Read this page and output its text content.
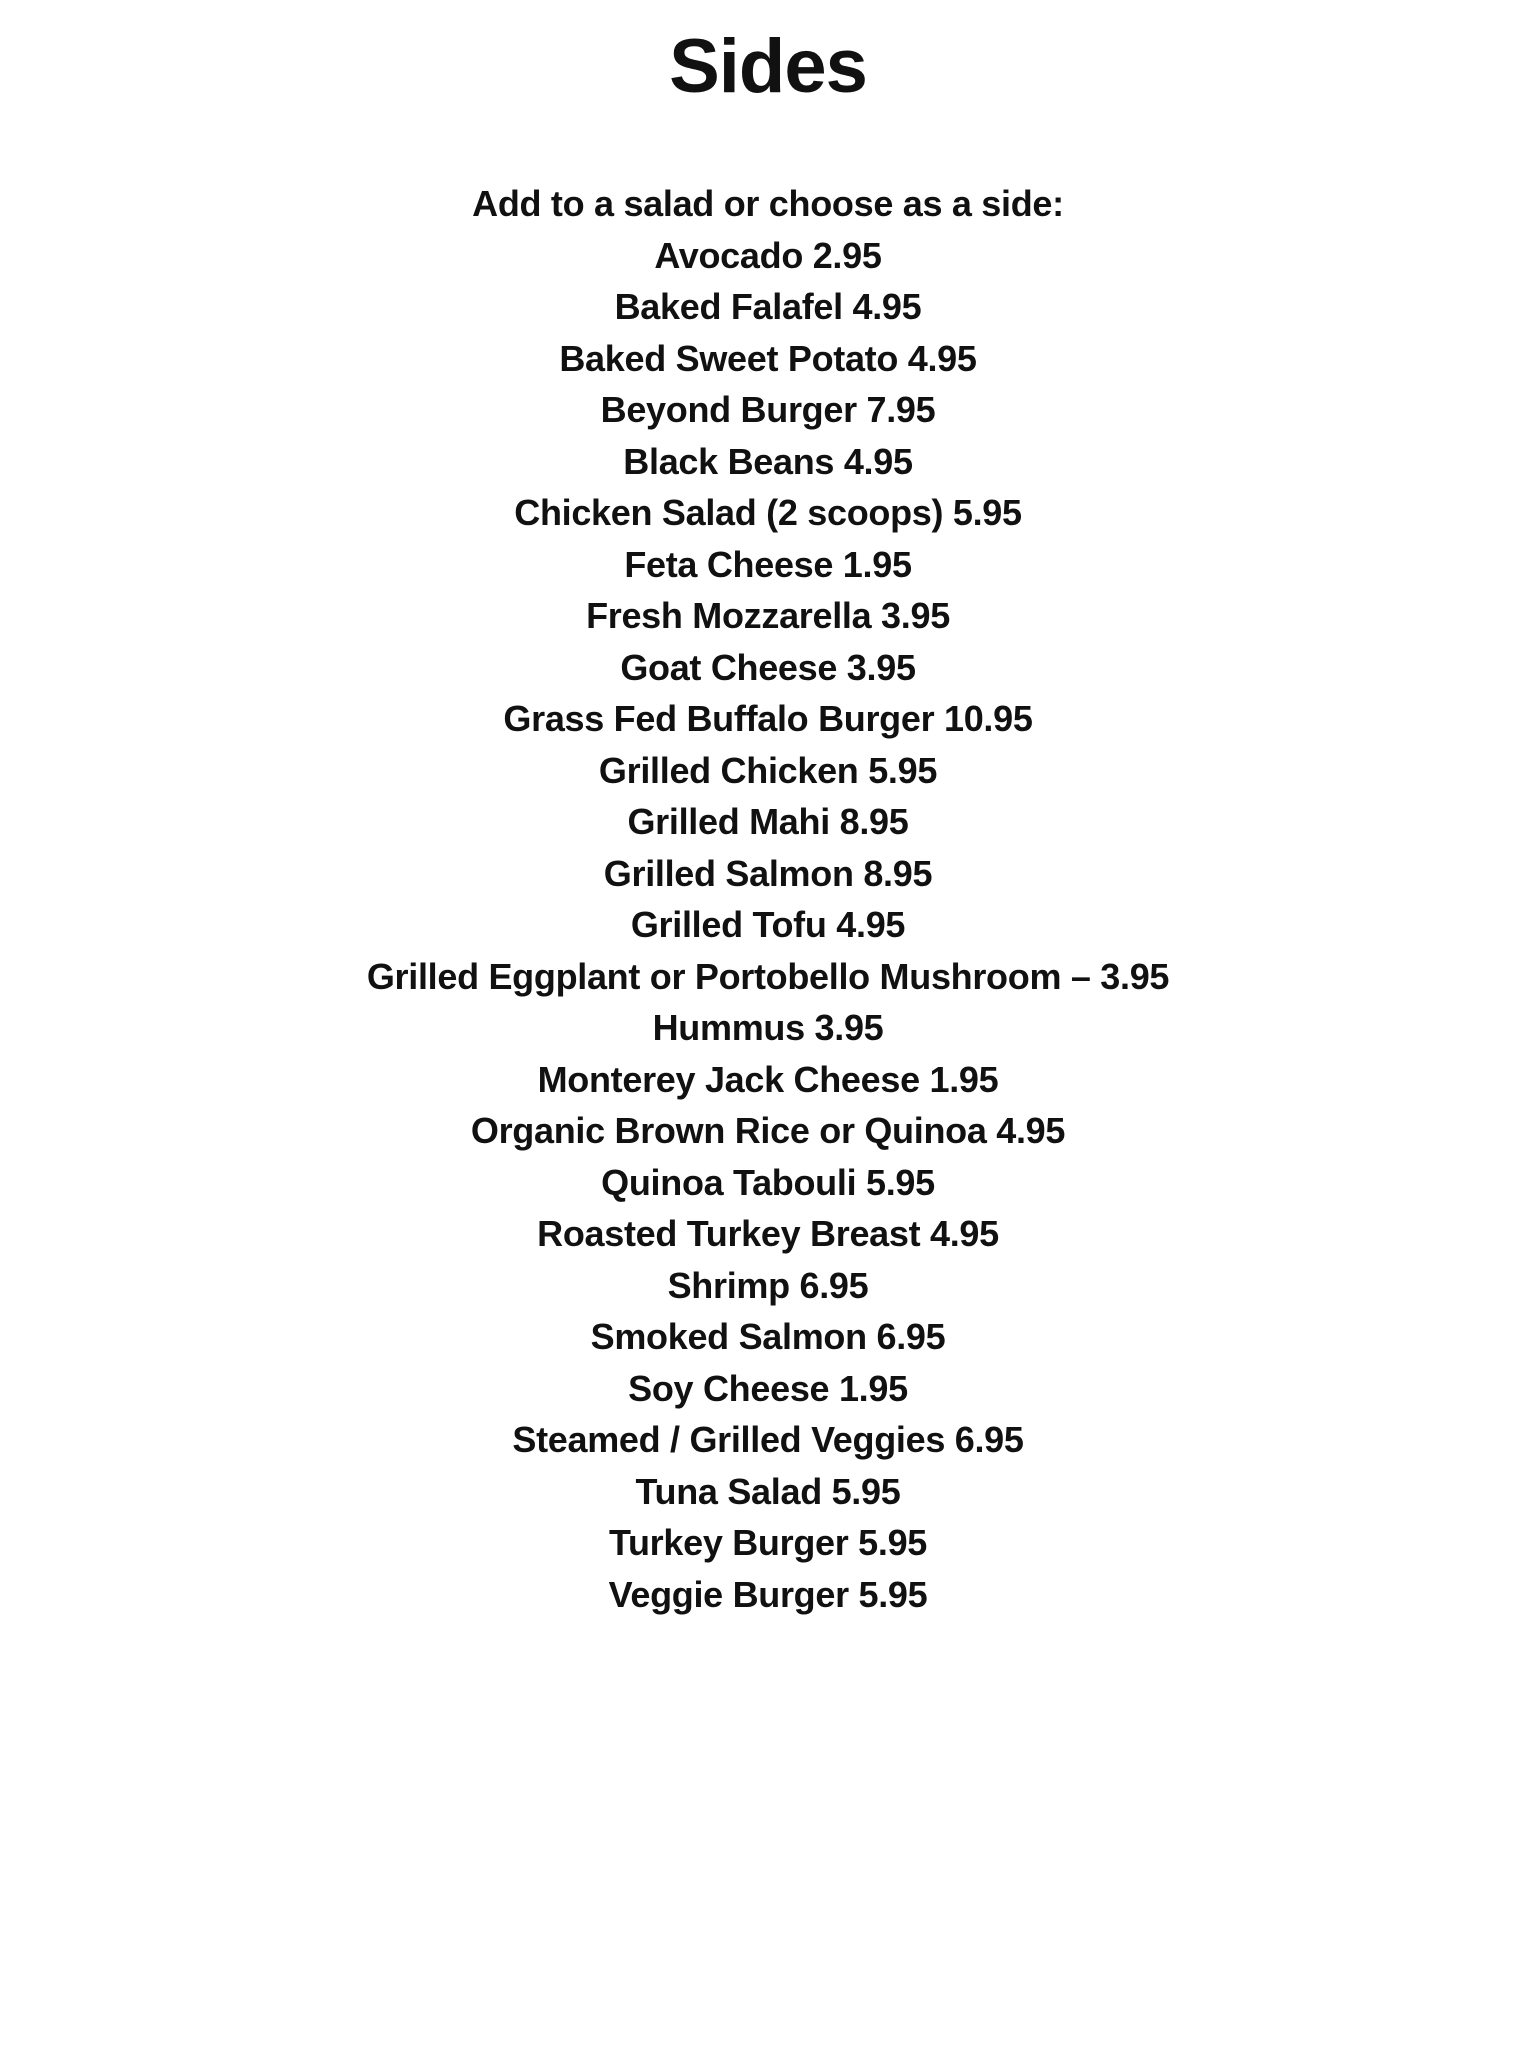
Sides

Add to a salad or choose as a side:

Avocado 2.95
Baked Falafel 4.95
Baked Sweet Potato 4.95
Beyond Burger 7.95
Black Beans 4.95
Chicken Salad (2 scoops) 5.95
Feta Cheese 1.95
Fresh Mozzarella 3.95
Goat Cheese 3.95
Grass Fed Buffalo Burger 10.95
Grilled Chicken 5.95
Grilled Mahi 8.95
Grilled Salmon 8.95
Grilled Tofu 4.95
Grilled Eggplant or Portobello Mushroom – 3.95
Hummus 3.95
Monterey Jack Cheese 1.95
Organic Brown Rice or Quinoa 4.95
Quinoa Tabouli 5.95
Roasted Turkey Breast 4.95
Shrimp 6.95
Smoked Salmon 6.95
Soy Cheese 1.95
Steamed / Grilled Veggies 6.95
Tuna Salad 5.95
Turkey Burger 5.95
Veggie Burger 5.95
